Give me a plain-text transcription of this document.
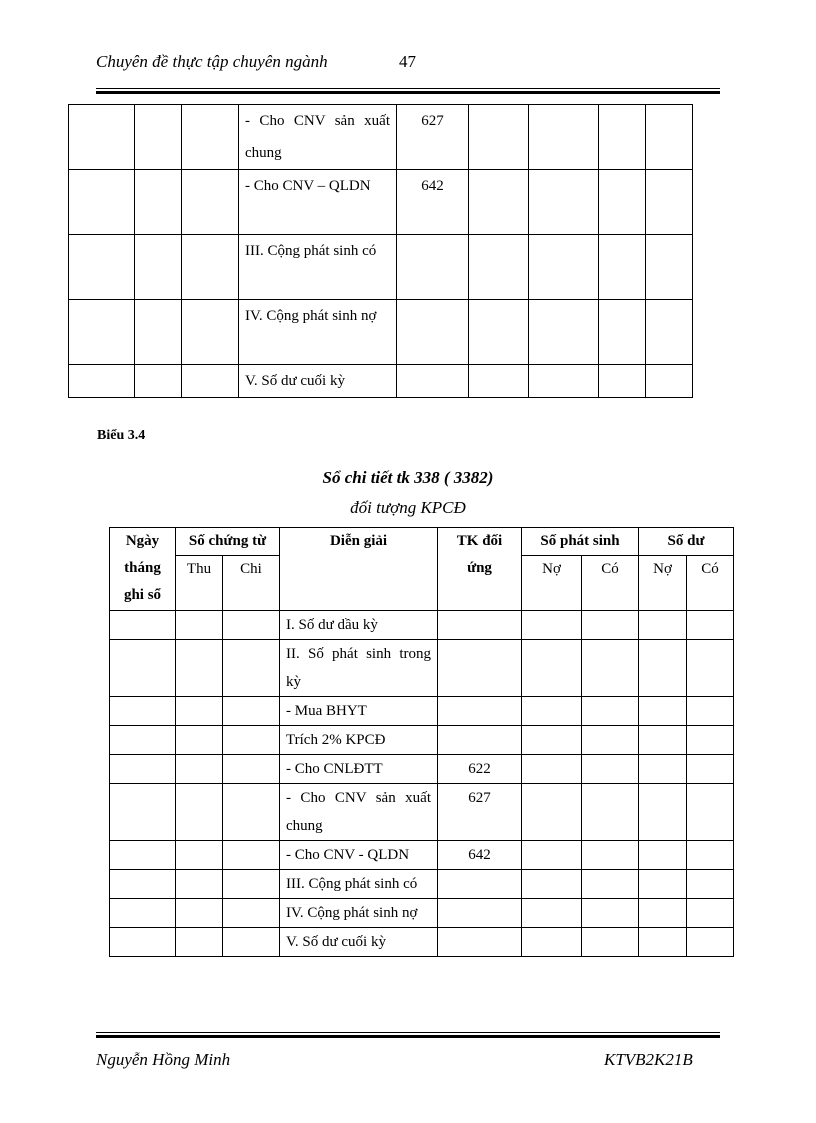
Chuyên đề thực tập chuyên ngành	47
			- Cho CNV sản xuất chung	627				
			- Cho CNV – QLDN	642				
			III. Cộng phát sinh có					
			IV. Cộng phát sinh nợ					
			V. Số dư cuối kỳ					
Biểu 3.4
Sổ chi tiết tk 338 ( 3382)
đối tượng KPCĐ
Ngày tháng ghi sổ	Số chứng từ		Diễn giải	TK đối ứng	Số phát sinh		Số dư	
	Thu	Chi			Nợ	Có	Nợ	Có
			I. Số dư dầu kỳ					
			II. Số phát sinh trong kỳ					
			- Mua BHYT					
			Trích 2% KPCĐ					
			- Cho CNLĐTT	622				
			- Cho CNV sản xuất chung	627				
			- Cho CNV - QLDN	642				
			III. Cộng phát sinh có					
			IV. Cộng phát sinh nợ					
			V. Số dư cuối kỳ					
Nguyễn Hồng Minh	KTVB2K21B
